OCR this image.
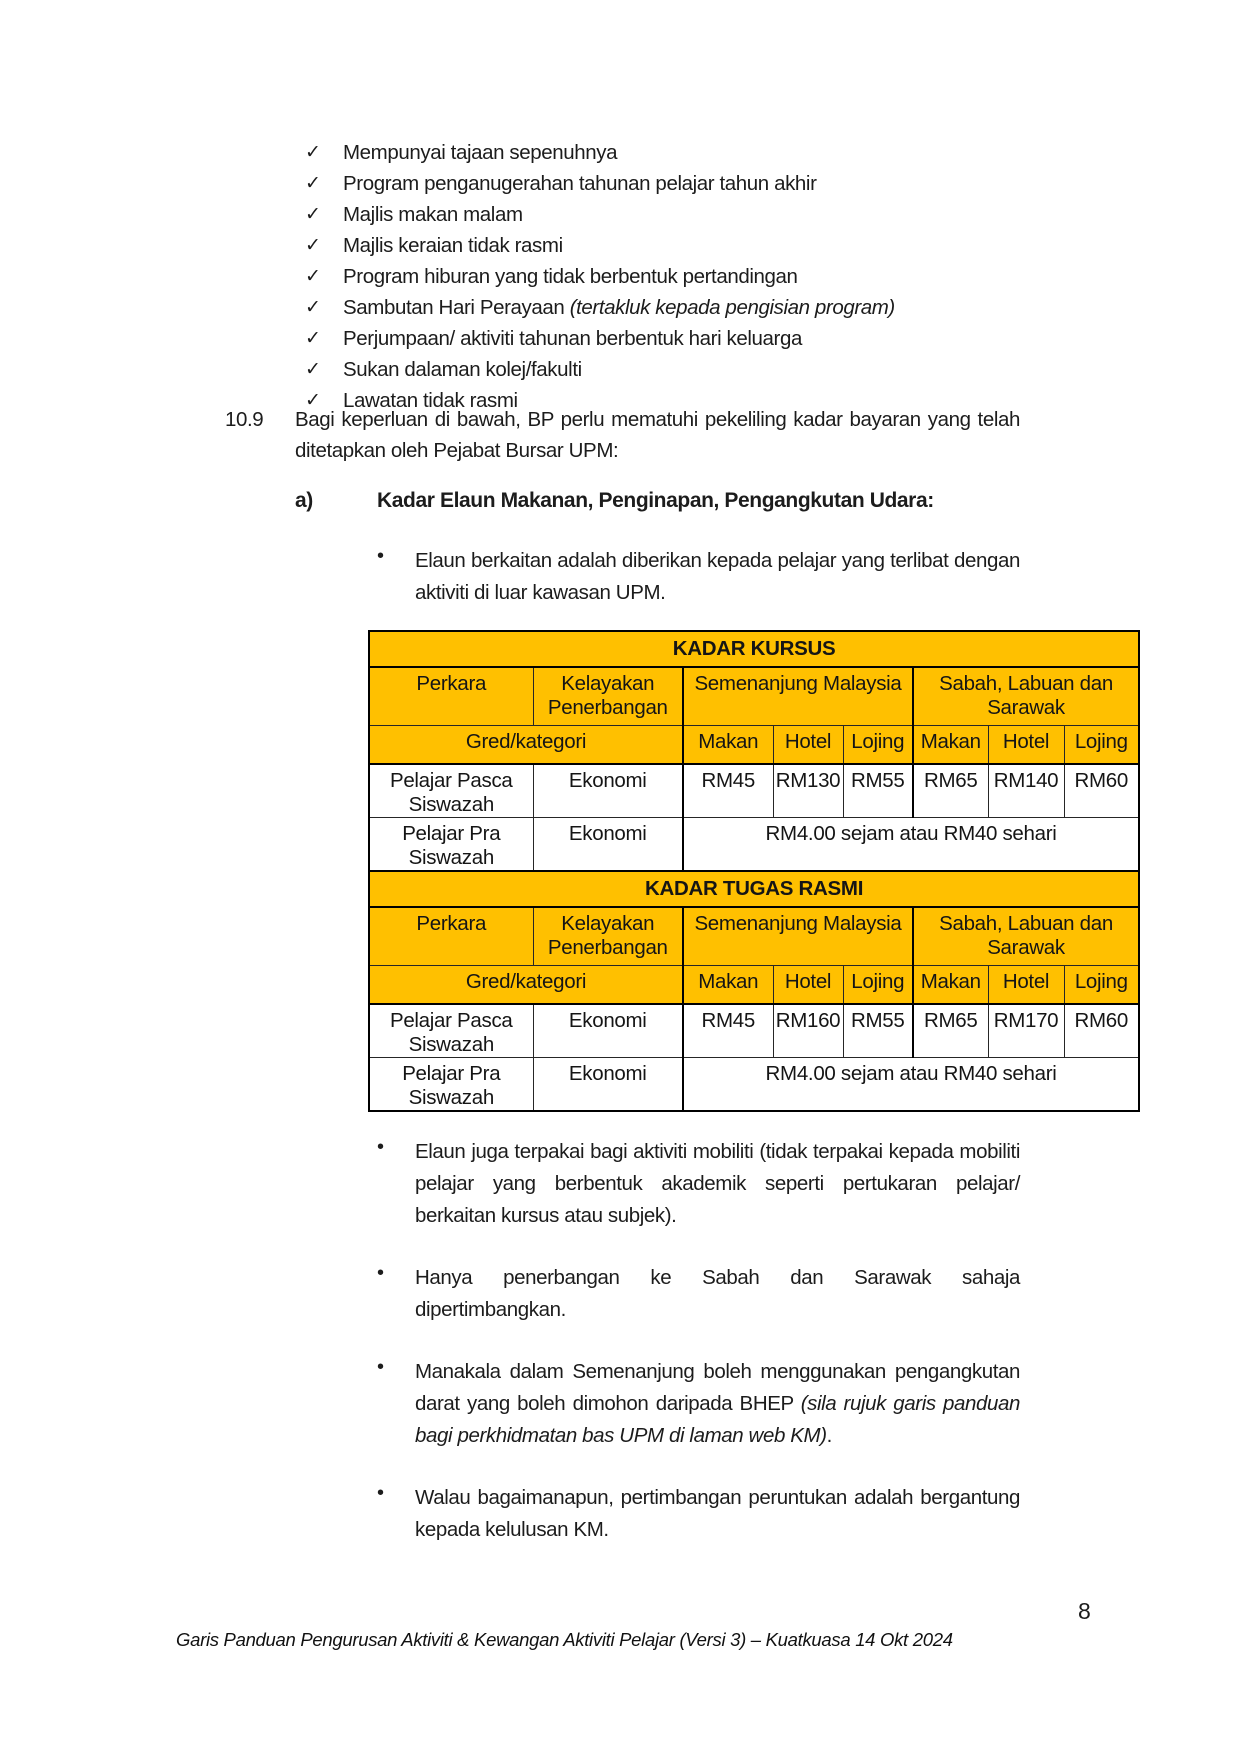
✓	Mempunyai tajaan sepenuhnya
✓	Program penganugerahan tahunan pelajar tahun akhir
✓	Majlis makan malam
✓	Majlis keraian tidak rasmi
✓	Program hiburan yang tidak berbentuk pertandingan
✓	Sambutan Hari Perayaan (tertakluk kepada pengisian program)
✓	Perjumpaan/ aktiviti tahunan berbentuk hari keluarga
✓	Sukan dalaman kolej/fakulti
✓	Lawatan tidak rasmi
10.9	Bagi keperluan di bawah, BP perlu mematuhi pekeliling kadar bayaran yang telah ditetapkan oleh Pejabat Bursar UPM:
a)	Kadar Elaun Makanan, Penginapan, Pengangkutan Udara:
•	Elaun berkaitan adalah diberikan kepada pelajar yang terlibat dengan aktiviti di luar kawasan UPM.
KADAR KURSUS							
Perkara	Kelayakan Penerbangan	Semenanjung Malaysia			Sabah, Labuan dan Sarawak		
Gred/kategori		Makan	Hotel	Lojing	Makan	Hotel	Lojing
Pelajar Pasca Siswazah	Ekonomi	RM45	RM130	RM55	RM65	RM140	RM60
Pelajar Pra Siswazah	Ekonomi	RM4.00 sejam atau RM40 sehari					
KADAR TUGAS RASMI							
Perkara	Kelayakan Penerbangan	Semenanjung Malaysia			Sabah, Labuan dan Sarawak		
Gred/kategori		Makan	Hotel	Lojing	Makan	Hotel	Lojing
Pelajar Pasca Siswazah	Ekonomi	RM45	RM160	RM55	RM65	RM170	RM60
Pelajar Pra Siswazah	Ekonomi	RM4.00 sejam atau RM40 sehari					
•	Elaun juga terpakai bagi aktiviti mobiliti (tidak terpakai kepada mobiliti pelajar yang berbentuk akademik seperti pertukaran pelajar/ berkaitan kursus atau subjek).
•	Hanya penerbangan ke Sabah dan Sarawak sahaja dipertimbangkan.
•	Manakala dalam Semenanjung boleh menggunakan pengangkutan darat yang boleh dimohon daripada BHEP (sila rujuk garis panduan bagi perkhidmatan bas UPM di laman web KM).
•	Walau bagaimanapun, pertimbangan peruntukan adalah bergantung kepada kelulusan KM.
8
Garis Panduan Pengurusan Aktiviti & Kewangan Aktiviti Pelajar (Versi 3) – Kuatkuasa 14 Okt 2024
